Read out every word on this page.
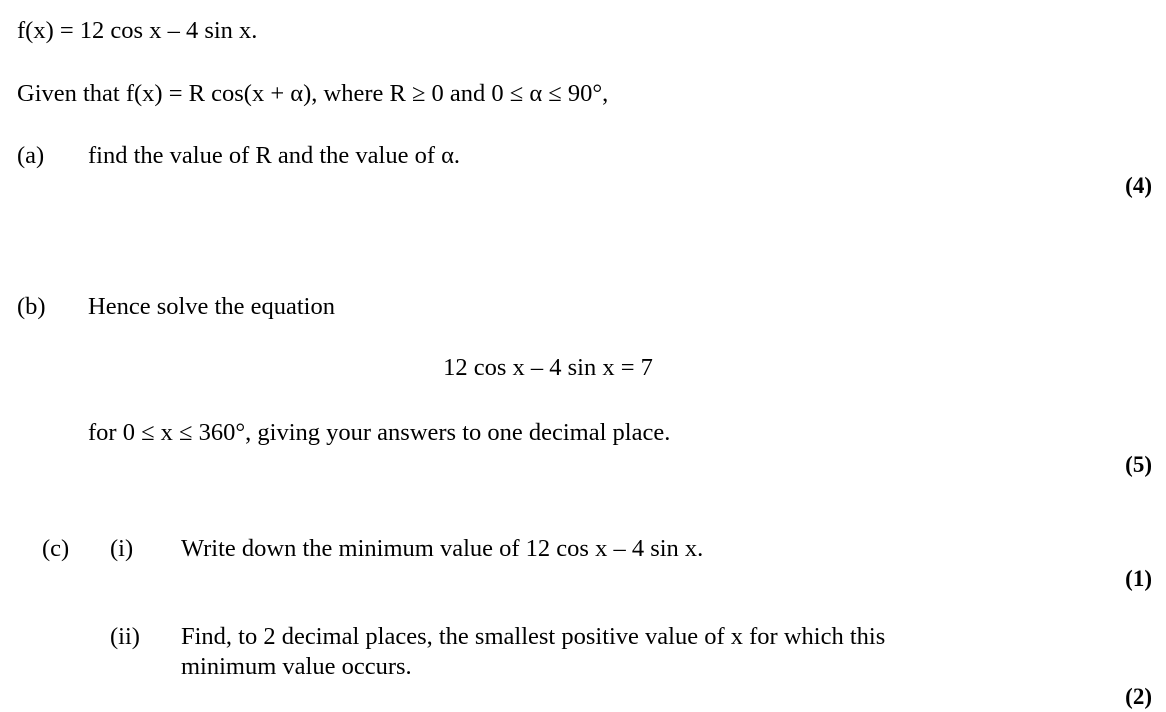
f(x) = 12 cos x – 4 sin x.
Given that f(x) = R cos(x + α), where R ≥ 0 and 0 ≤ α ≤ 90°,
(a) find the value of R and the value of α.
(4)
(b) Hence solve the equation
12 cos x – 4 sin x = 7
for 0 ≤ x ≤ 360°, giving your answers to one decimal place.
(5)
(c) (i) Write down the minimum value of 12 cos x – 4 sin x.
(1)
(ii) Find, to 2 decimal places, the smallest positive value of x for which this
minimum value occurs.
(2)
